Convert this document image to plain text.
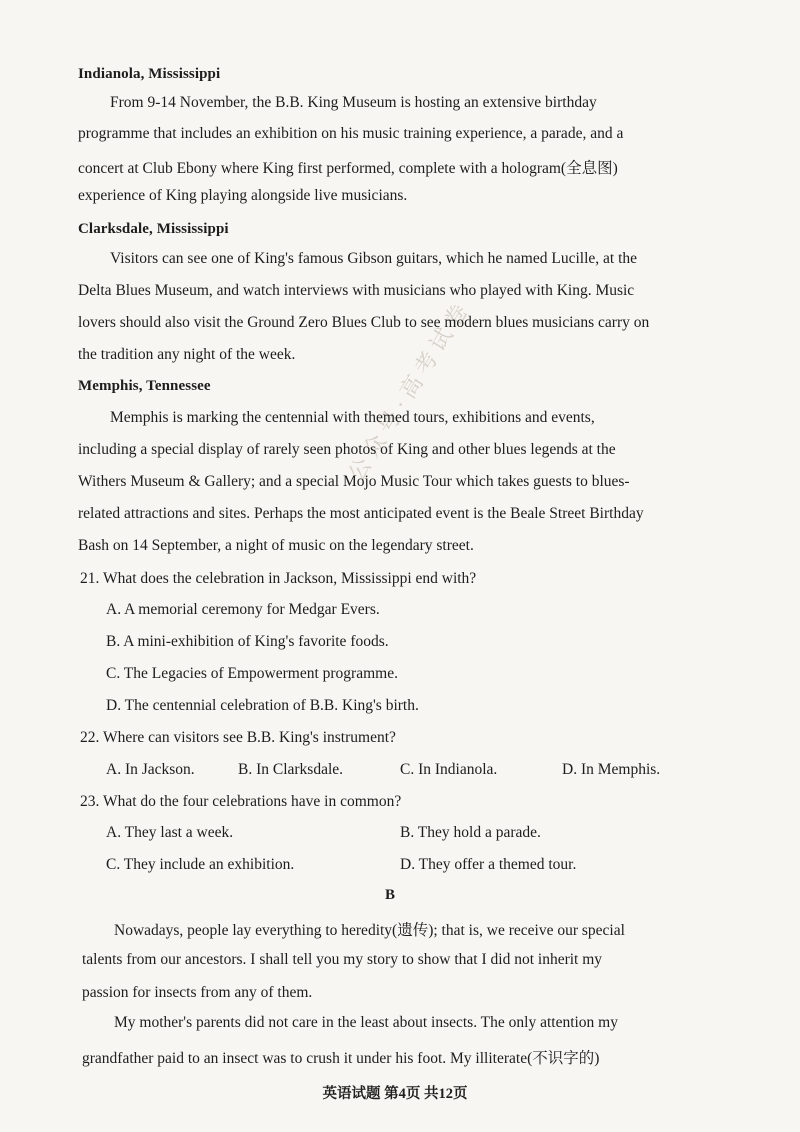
公众号·高考试卷
Indianola, Mississippi
From 9-14 November, the B.B. King Museum is hosting an extensive birthday
programme that includes an exhibition on his music training experience, a parade, and a
concert at Club Ebony where King first performed, complete with a hologram(全息图)
experience of King playing alongside live musicians.
Clarksdale, Mississippi
Visitors can see one of King's famous Gibson guitars, which he named Lucille, at the
Delta Blues Museum, and watch interviews with musicians who played with King. Music
lovers should also visit the Ground Zero Blues Club to see modern blues musicians carry on
the tradition any night of the week.
Memphis, Tennessee
Memphis is marking the centennial with themed tours, exhibitions and events,
including a special display of rarely seen photos of King and other blues legends at the
Withers Museum & Gallery; and a special Mojo Music Tour which takes guests to blues-
related attractions and sites. Perhaps the most anticipated event is the Beale Street Birthday
Bash on 14 September, a night of music on the legendary street.
21. What does the celebration in Jackson, Mississippi end with?
A. A memorial ceremony for Medgar Evers.
B. A mini-exhibition of King's favorite foods.
C. The Legacies of Empowerment programme.
D. The centennial celebration of B.B. King's birth.
22. Where can visitors see B.B. King's instrument?
A. In Jackson.	B. In Clarksdale.	C. In Indianola.	D. In Memphis.
23. What do the four celebrations have in common?
A. They last a week.	B. They hold a parade.
C. They include an exhibition.	D. They offer a themed tour.
B
Nowadays, people lay everything to heredity(遗传); that is, we receive our special
talents from our ancestors. I shall tell you my story to show that I did not inherit my
passion for insects from any of them.
My mother's parents did not care in the least about insects. The only attention my
grandfather paid to an insect was to crush it under his foot. My illiterate(不识字的)
英语试题 第4页 共12页
